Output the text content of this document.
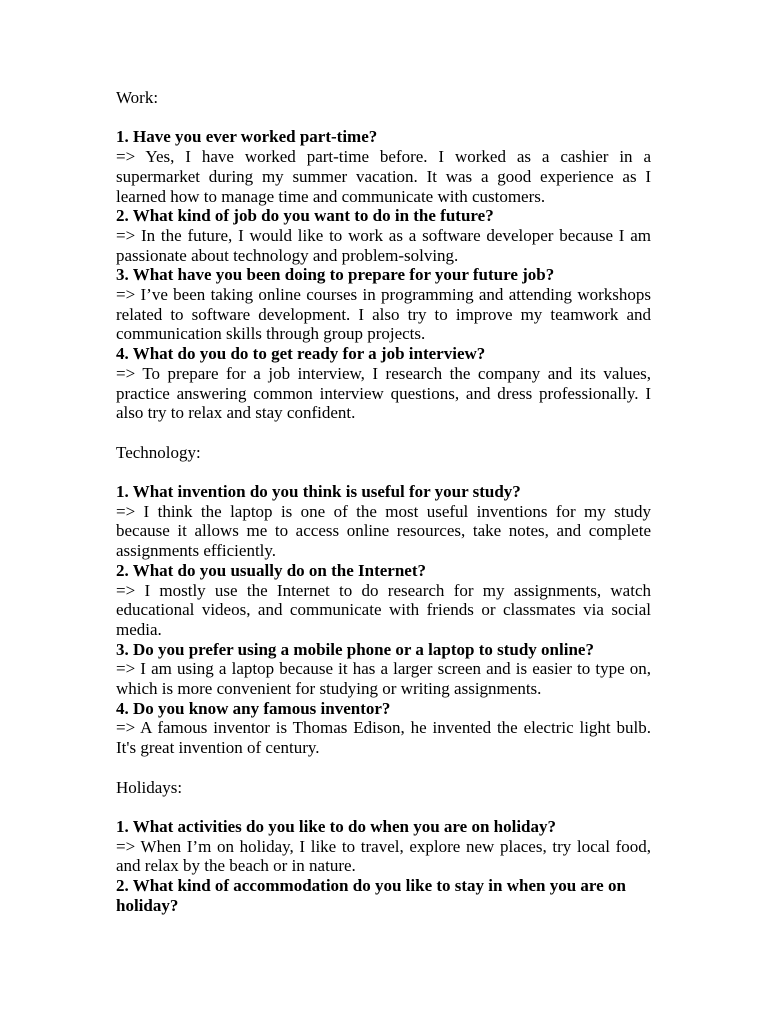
Work:

1. Have you ever worked part-time?

=> Yes, I have worked part-time before. I worked as a cashier in a supermarket during my summer vacation. It was a good experience as I learned how to manage time and communicate with customers.

2. What kind of job do you want to do in the future?

=> In the future, I would like to work as a software developer because I am passionate about technology and problem-solving.

3. What have you been doing to prepare for your future job?

=> I’ve been taking online courses in programming and attending workshops related to software development. I also try to improve my teamwork and communication skills through group projects.

4. What do you do to get ready for a job interview?

=> To prepare for a job interview, I research the company and its values, practice answering common interview questions, and dress professionally. I also try to relax and stay confident.

Technology:

1. What invention do you think is useful for your study?

=> I think the laptop is one of the most useful inventions for my study because it allows me to access online resources, take notes, and complete assignments efficiently.

2. What do you usually do on the Internet?

=> I mostly use the Internet to do research for my assignments, watch educational videos, and communicate with friends or classmates via social media.

3. Do you prefer using a mobile phone or a laptop to study online?

=> I am using a laptop because it has a larger screen and is easier to type on, which is more convenient for studying or writing assignments.

4. Do you know any famous inventor?

=> A famous inventor is Thomas Edison, he invented the electric light bulb. It's great invention of century.

Holidays:

1. What activities do you like to do when you are on holiday?

=> When I’m on holiday, I like to travel, explore new places, try local food, and relax by the beach or in nature.

2. What kind of accommodation do you like to stay in when you are on holiday?
